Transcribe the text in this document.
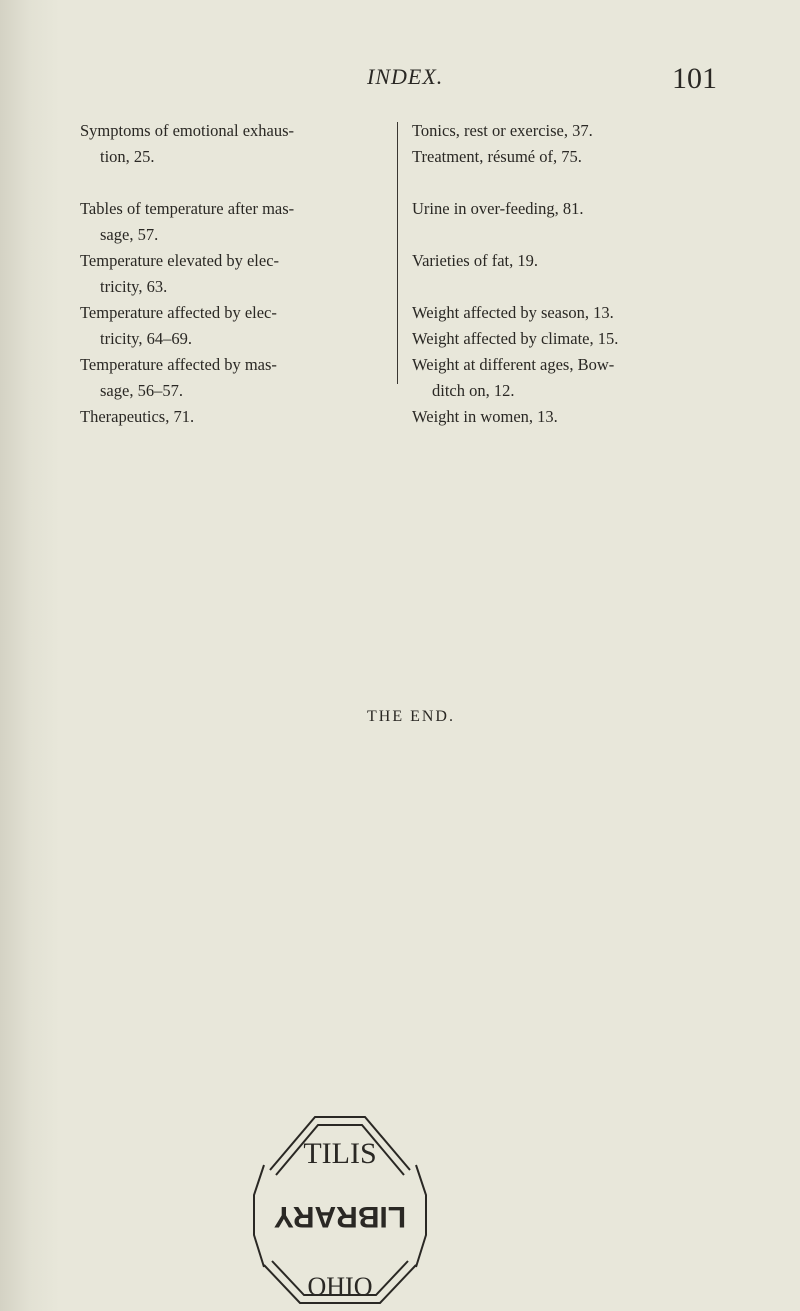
INDEX.	101
Symptoms of emotional exhaus-
tion, 25.
Tables of temperature after mas-
sage, 57.
Temperature elevated by elec-
tricity, 63.
Temperature affected by elec-
tricity, 64–69.
Temperature affected by mas-
sage, 56–57.
Therapeutics, 71.
Tonics, rest or exercise, 37.
Treatment, résumé of, 75.
Urine in over-feeding, 81.
Varieties of fat, 19.
Weight affected by season, 13.
Weight affected by climate, 15.
Weight at different ages, Bow-
ditch on, 12.
Weight in women, 13.
THE END.
TILIS
LIBRARY
OHIO
